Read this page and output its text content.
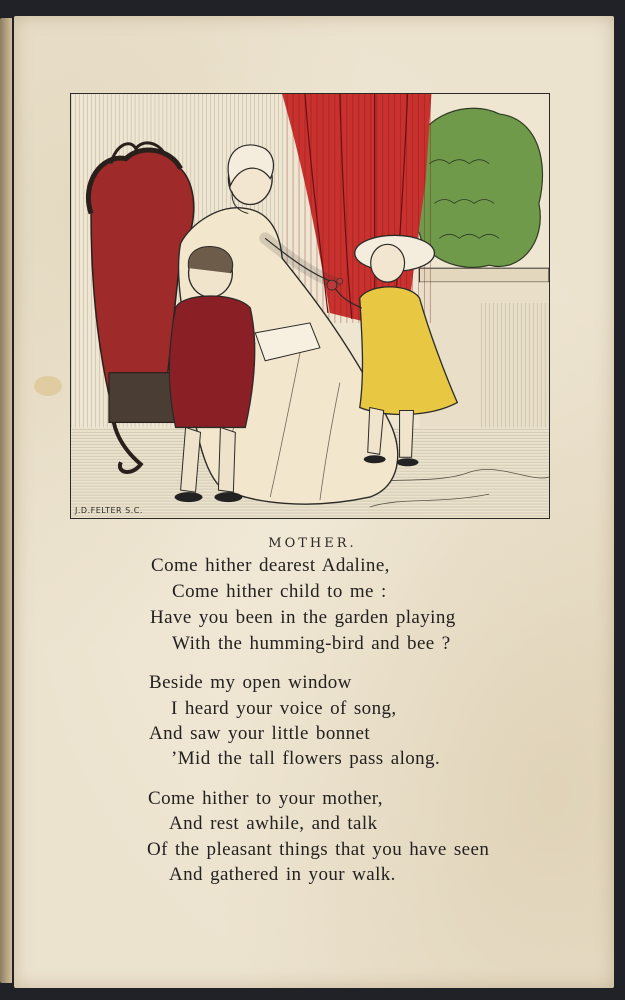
J.D.FELTER S.C.
MOTHER.
Come hither dearest Adaline,
Come hither child to me :
Have you been in the garden playing
With the humming-bird and bee ?
Beside my open window
I heard your voice of song,
And saw your little bonnet
’Mid the tall flowers pass along.
Come hither to your mother,
And rest awhile, and talk
Of the pleasant things that you have seen
And gathered in your walk.
